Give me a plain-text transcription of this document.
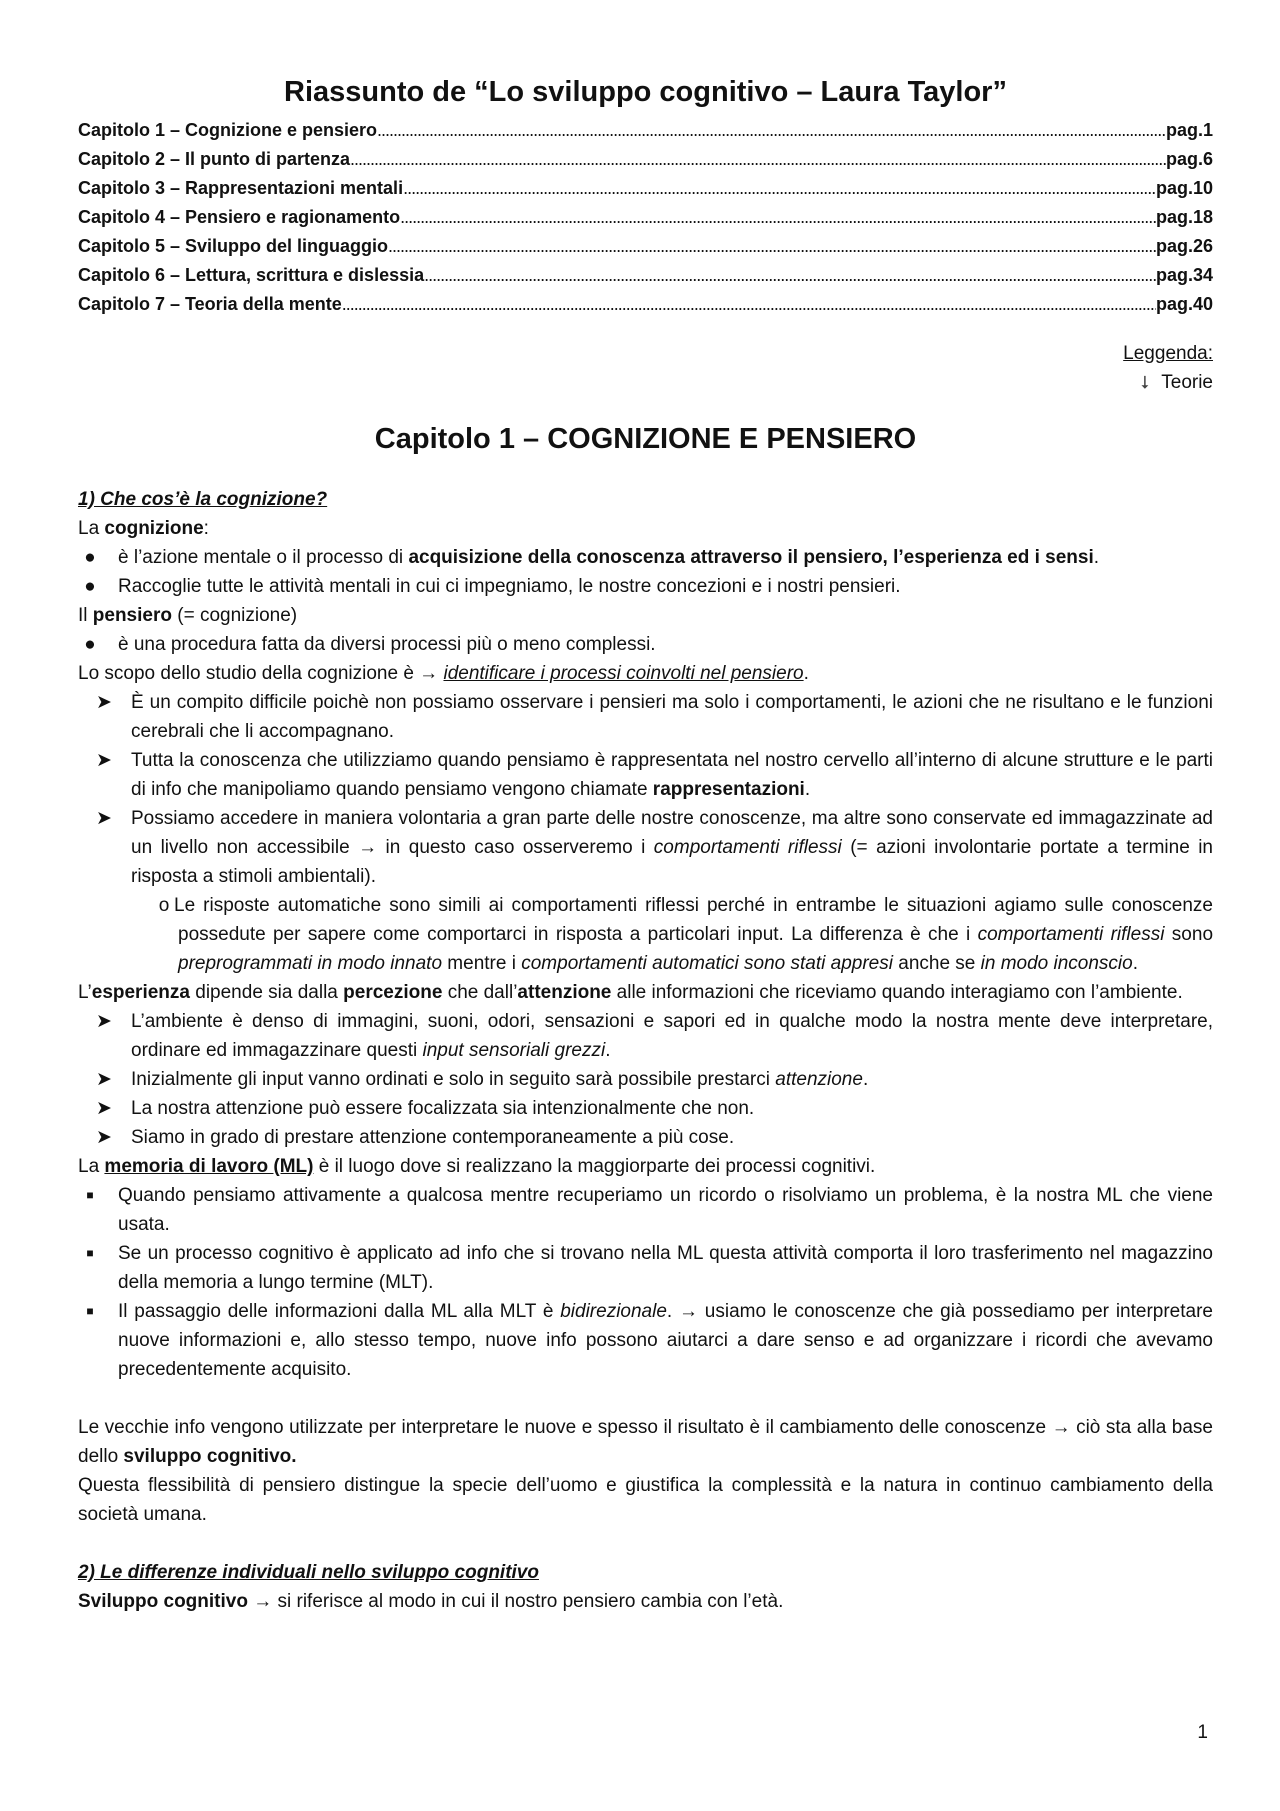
Riassunto de “Lo sviluppo cognitivo – Laura Taylor”
Capitolo 1 – Cognizione e pensiero .....	pag.1
Capitolo 2 – Il punto di partenza .....	pag.6
Capitolo 3 – Rappresentazioni mentali .....	pag.10
Capitolo 4 – Pensiero e ragionamento .....	pag.18
Capitolo 5 – Sviluppo del linguaggio .....	pag.26
Capitolo 6 – Lettura, scrittura e dislessia .....	pag.34
Capitolo 7 – Teoria della mente .....	pag.40
Leggenda:
⭣ Teorie
Capitolo 1 – COGNIZIONE E PENSIERO
1) Che cos’è la cognizione?

La cognizione:

●	è l’azione mentale o il processo di acquisizione della conoscenza attraverso il pensiero, l’esperienza ed i sensi.
●	Raccoglie tutte le attività mentali in cui ci impegniamo, le nostre concezioni e i nostri pensieri.

Il pensiero (= cognizione)

●	è una procedura fatta da diversi processi più o meno complessi.

Lo scopo dello studio della cognizione è → identificare i processi coinvolti nel pensiero.

➤ È un compito difficile poichè non possiamo osservare i pensieri ma solo i comportamenti, le azioni che ne risultano e le funzioni cerebrali che li accompagnano.
➤ Tutta la conoscenza che utilizziamo quando pensiamo è rappresentata nel nostro cervello all’interno di alcune strutture e le parti di info che manipoliamo quando pensiamo vengono chiamate rappresentazioni.
➤ Possiamo accedere in maniera volontaria a gran parte delle nostre conoscenze, ma altre sono conservate ed immagazzinate ad un livello non accessibile → in questo caso osserveremo i comportamenti riflessi (= azioni involontarie portate a termine in risposta a stimoli ambientali).
o Le risposte automatiche sono simili ai comportamenti riflessi perché in entrambe le situazioni agiamo sulle conoscenze possedute per sapere come comportarci in risposta a particolari input. La differenza è che i comportamenti riflessi sono preprogrammati in modo innato mentre i comportamenti automatici sono stati appresi anche se in modo inconscio.

L’esperienza dipende sia dalla percezione che dall’attenzione alle informazioni che riceviamo quando interagiamo con l’ambiente.

➤ L’ambiente è denso di immagini, suoni, odori, sensazioni e sapori ed in qualche modo la nostra mente deve interpretare, ordinare ed immagazzinare questi input sensoriali grezzi.
➤ Inizialmente gli input vanno ordinati e solo in seguito sarà possibile prestarci attenzione.
➤ La nostra attenzione può essere focalizzata sia intenzionalmente che non.
➤ Siamo in grado di prestare attenzione contemporaneamente a più cose.

La memoria di lavoro (ML) è il luogo dove si realizzano la maggiorparte dei processi cognitivi.

■	Quando pensiamo attivamente a qualcosa mentre recuperiamo un ricordo o risolviamo un problema, è la nostra ML che viene usata.
■	Se un processo cognitivo è applicato ad info che si trovano nella ML questa attività comporta il loro trasferimento nel magazzino della memoria a lungo termine (MLT).
■	Il passaggio delle informazioni dalla ML alla MLT è bidirezionale. → usiamo le conoscenze che già possediamo per interpretare nuove informazioni e, allo stesso tempo, nuove info possono aiutarci a dare senso e ad organizzare i ricordi che avevamo precedentemente acquisito.

Le vecchie info vengono utilizzate per interpretare le nuove e spesso il risultato è il cambiamento delle conoscenze → ciò sta alla base dello sviluppo cognitivo.

Questa flessibilità di pensiero distingue la specie dell’uomo e giustifica la complessità e la natura in continuo cambiamento della società umana.

2) Le differenze individuali nello sviluppo cognitivo

Sviluppo cognitivo → si riferisce al modo in cui il nostro pensiero cambia con l’età.

1
